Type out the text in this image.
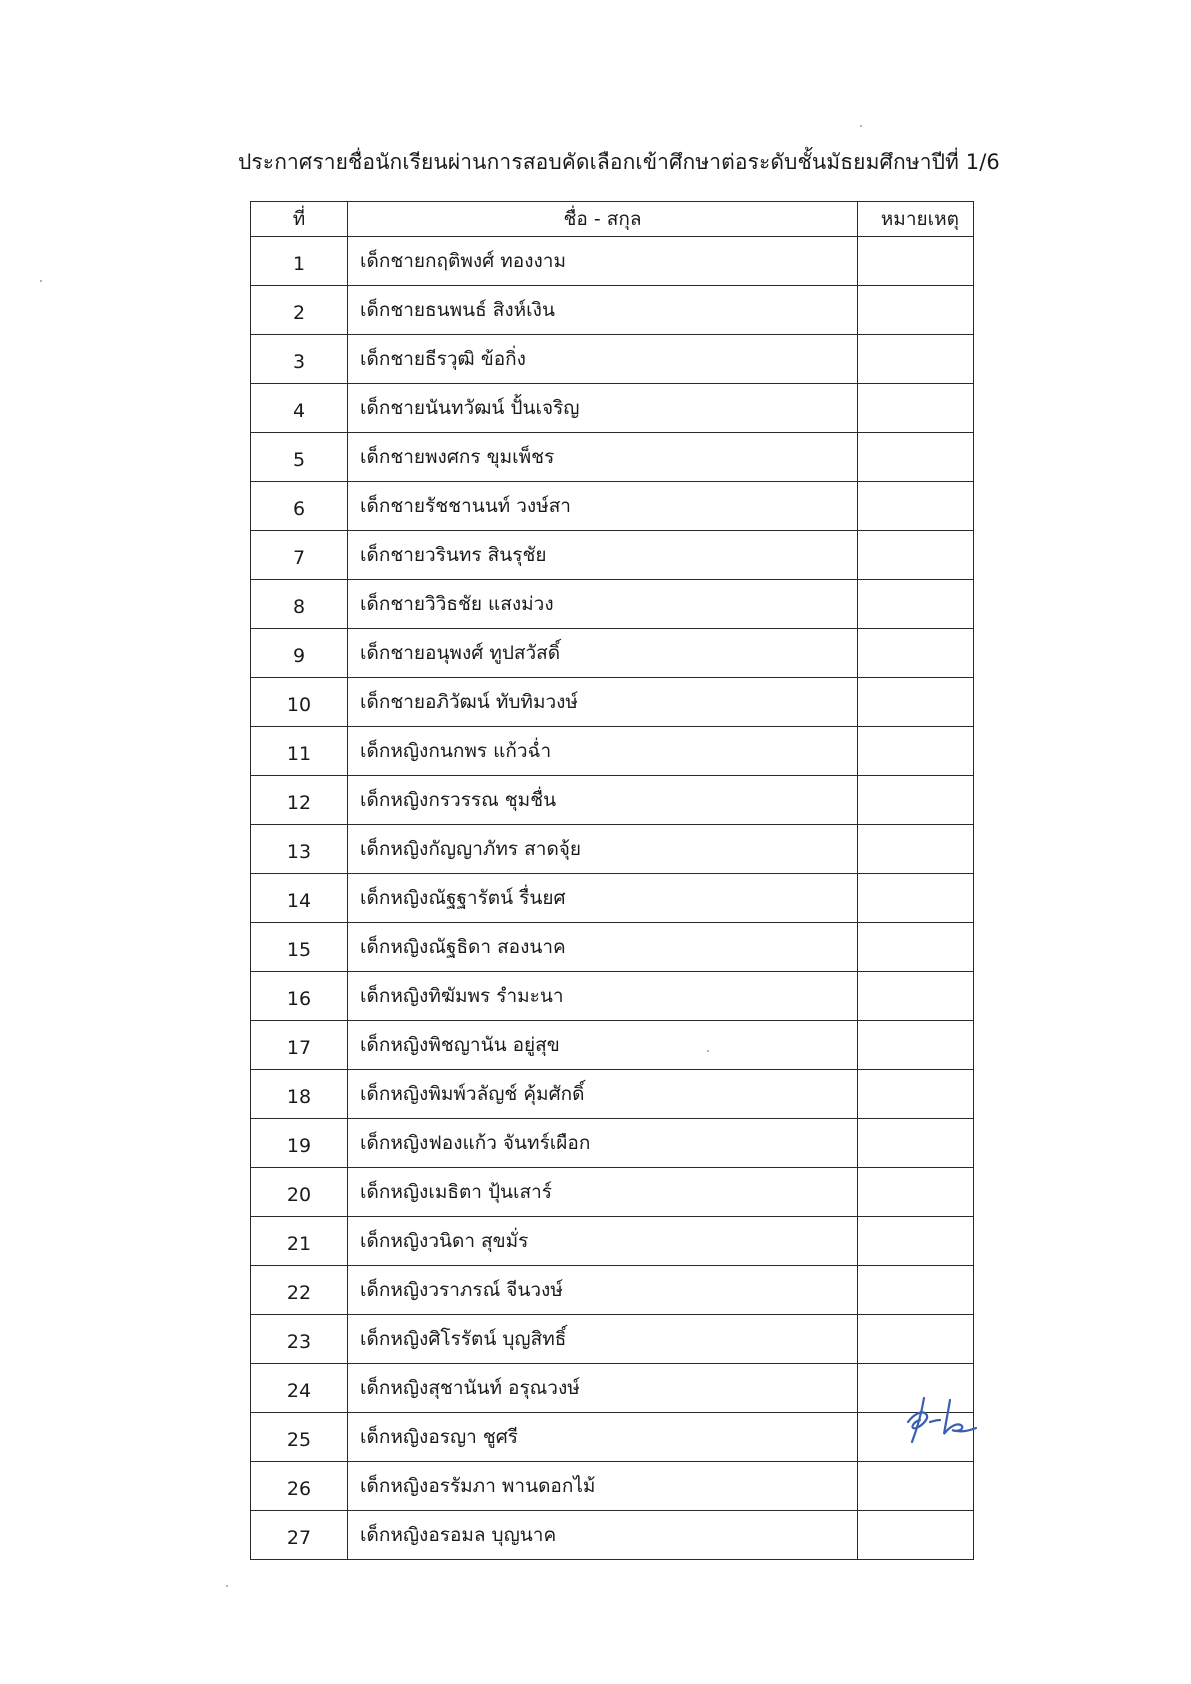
ประกาศรายชื่อนักเรียนผ่านการสอบคัดเลือกเข้าศึกษาต่อระดับชั้นมัธยมศึกษาปีที่ 1/6
ที่	ชื่อ - สกุล	หมายเหตุ
1	เด็กชายกฤติพงศ์ ทองงาม	
2	เด็กชายธนพนธ์ สิงห์เงิน	
3	เด็กชายธีรวุฒิ ข้อกิ่ง	
4	เด็กชายนันทวัฒน์ ปั้นเจริญ	
5	เด็กชายพงศกร ขุมเพ็ชร	
6	เด็กชายรัชชานนท์ วงษ์สา	
7	เด็กชายวรินทร สินรุชัย	
8	เด็กชายวิวิธชัย แสงม่วง	
9	เด็กชายอนุพงศ์ ทูปสวัสดิ์	
10	เด็กชายอภิวัฒน์ ทับทิมวงษ์	
11	เด็กหญิงกนกพร แก้วฉ่ำ	
12	เด็กหญิงกรวรรณ ชุมชื่น	
13	เด็กหญิงกัญญาภัทร สาดจุ้ย	
14	เด็กหญิงณัฐฐารัตน์ รื่นยศ	
15	เด็กหญิงณัฐธิดา สองนาค	
16	เด็กหญิงทิฆัมพร รำมะนา	
17	เด็กหญิงพิชญานัน อยู่สุข	
18	เด็กหญิงพิมพ์วลัญช์ คุ้มศักดิ์	
19	เด็กหญิงฟองแก้ว จันทร์เผือก	
20	เด็กหญิงเมธิตา ปุ้นเสาร์	
21	เด็กหญิงวนิดา สุขมั่ร	
22	เด็กหญิงวราภรณ์ จีนวงษ์	
23	เด็กหญิงศิโรรัตน์ บุญสิทธิ์	
24	เด็กหญิงสุชานันท์ อรุณวงษ์	
25	เด็กหญิงอรญา ชูศรี	
26	เด็กหญิงอรรัมภา พานดอกไม้	
27	เด็กหญิงอรอมล บุญนาค	
